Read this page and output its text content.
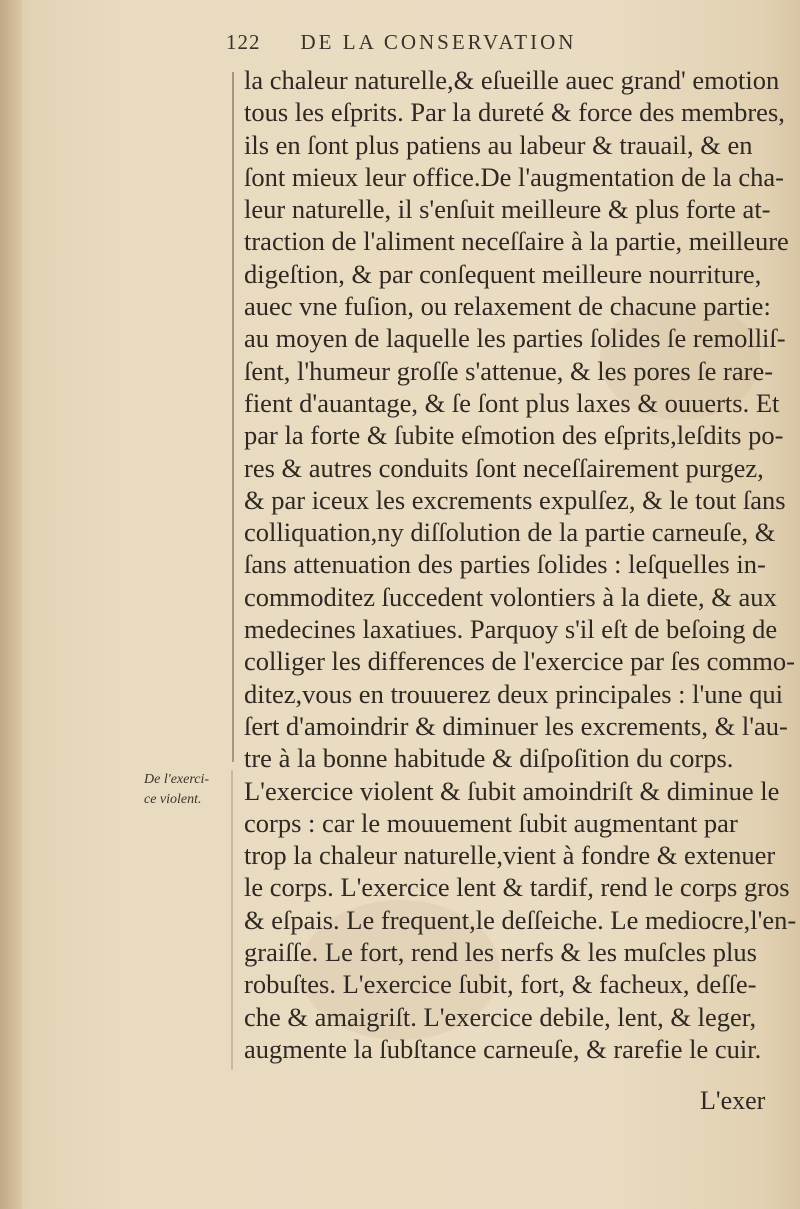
122 DE LA CONSERVATION
la chaleur naturelle,& eſueille auec grand' emotion
tous les eſprits. Par la dureté & force des membres,
ils en ſont plus patiens au labeur & trauail, & en
ſont mieux leur office.De l'augmentation de la cha-
leur naturelle, il s'enſuit meilleure & plus forte at-
traction de l'aliment neceſſaire à la partie, meilleure
digeſtion, & par conſequent meilleure nourriture,
auec vne fuſion, ou relaxement de chacune partie:
au moyen de laquelle les parties ſolides ſe remolliſ-
ſent, l'humeur groſſe s'attenue, & les pores ſe rare-
fient d'auantage, & ſe ſont plus laxes & ouuerts. Et
par la forte & ſubite eſmotion des eſprits,leſdits po-
res & autres conduits ſont neceſſairement purgez,
& par iceux les excrements expulſez, & le tout ſans
colliquation,ny diſſolution de la partie carneuſe, &
ſans attenuation des parties ſolides : leſquelles in-
commoditez ſuccedent volontiers à la diete, & aux
medecines laxatiues. Parquoy s'il eſt de beſoing de
colliger les differences de l'exercice par ſes commo-
ditez,vous en trouuerez deux principales : l'une qui
ſert d'amoindrir & diminuer les excrements, & l'au-
tre à la bonne habitude & diſpoſition du corps.
L'exercice violent & ſubit amoindriſt & diminue le
corps : car le mouuement ſubit augmentant par
trop la chaleur naturelle,vient à fondre & extenuer
le corps. L'exercice lent & tardif, rend le corps gros
& eſpais. Le frequent,le deſſeiche. Le mediocre,l'en-
graiſſe. Le fort, rend les nerfs & les muſcles plus
robuſtes. L'exercice ſubit, fort, & facheux, deſſe-
che & amaigriſt. L'exercice debile, lent, & leger,
augmente la ſubſtance carneuſe, & rarefie le cuir.
De l'exerci-
ce violent.
L'exer
